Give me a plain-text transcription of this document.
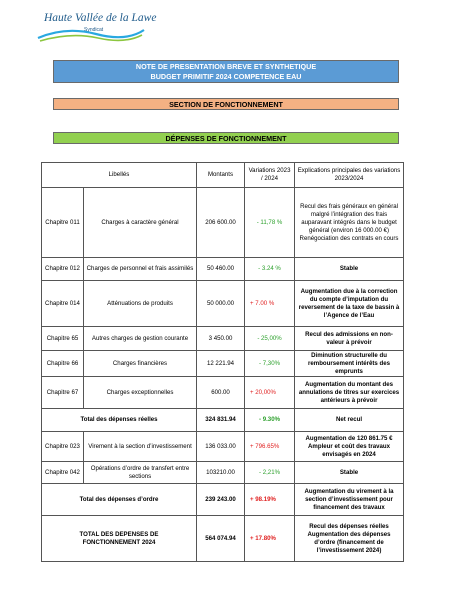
Haute Vallée de la Lawe
Syndicat
NOTE DE PRESENTATION BREVE ET SYNTHETIQUE
BUDGET PRIMITIF 2024 COMPETENCE EAU
SECTION DE FONCTIONNEMENT
DÉPENSES DE FONCTIONNEMENT
Libellés		Montants	Variations 2023 / 2024	Explications principales des variations 2023/2024
Chapitre 011	Charges à caractère général	206 600.00	- 11,78 %	Recul des frais généraux en général malgré l’intégration des frais auparavant intégrés dans le budget général (environ 16 000.00 €) Renégociation des contrats en cours
Chapitre 012	Charges de personnel et frais assimilés	50 460.00	- 3.24 %	Stable
Chapitre 014	Atténuations de produits	50 000.00	+ 7.00 %	Augmentation due à la correction du compte d’imputation du reversement de la taxe de bassin à l’Agence de l’Eau
Chapitre 65	Autres charges de gestion courante	3 450.00	- 25,00%	Recul des admissions en non-valeur à prévoir
Chapitre 66	Charges financières	12 221.94	- 7,30%	Diminution structurelle du remboursement intérêts des emprunts
Chapitre 67	Charges exceptionnelles	600.00	+ 20,00%	Augmentation du montant des annulations de titres sur exercices antérieurs à prévoir
Total des dépenses réelles		324 831.94	- 9.30%	Net recul
Chapitre 023	Virement à la section d’investissement	136 033.00	+ 796.65%	Augmentation de 120 861.75 € Ampleur et coût des travaux envisagés en 2024
Chapitre 042	Opérations d’ordre de transfert entre sections	103210.00	- 2,21%	Stable
Total des dépenses d’ordre		239 243.00	+ 98.19%	Augmentation du virement à la section d’investissement pour financement des travaux
TOTAL DES DEPENSES DE FONCTIONNEMENT 2024		564 074.94	+ 17.80%	Recul des dépenses réelles Augmentation des dépenses d’ordre (financement de l’investissement 2024)
